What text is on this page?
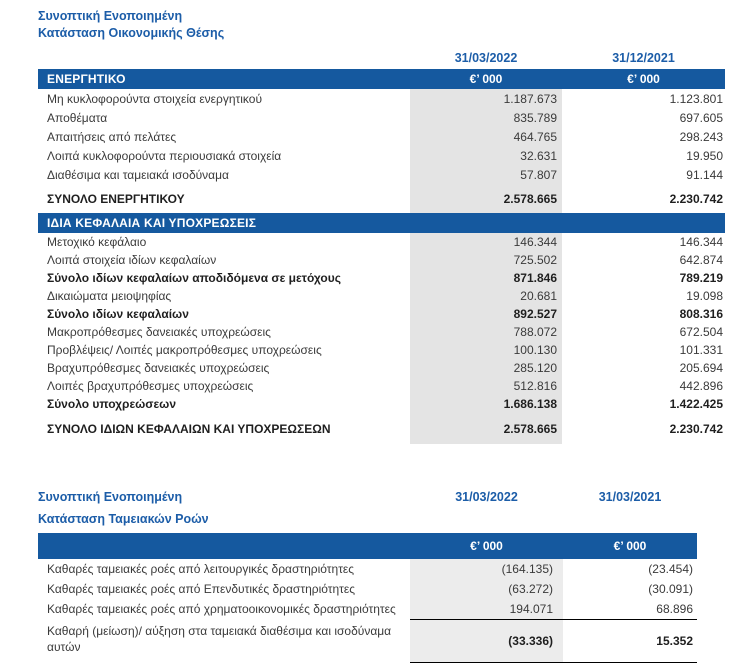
Συνοπτική Ενοποιημένη
Κατάσταση Οικονομικής Θέσης
31/03/2022	31/12/2021
ΕΝΕΡΓΗΤΙΚΟ	€’ 000	€’ 000
Μη κυκλοφορούντα στοιχεία ενεργητικού	1.187.673	1.123.801
Αποθέματα	835.789	697.605
Απαιτήσεις από πελάτες	464.765	298.243
Λοιπά κυκλοφορούντα περιουσιακά στοιχεία	32.631	19.950
Διαθέσιμα και ταμειακά ισοδύναμα	57.807	91.144
ΣΥΝΟΛΟ ΕΝΕΡΓΗΤΙΚΟΥ	2.578.665	2.230.742
ΙΔΙΑ ΚΕΦΑΛΑΙΑ ΚΑΙ ΥΠΟΧΡΕΩΣΕΙΣ
Μετοχικό κεφάλαιο	146.344	146.344
Λοιπά στοιχεία ιδίων κεφαλαίων	725.502	642.874
Σύνολο ιδίων κεφαλαίων αποδιδόμενα σε μετόχους	871.846	789.219
Δικαιώματα μειοψηφίας	20.681	19.098
Σύνολο ιδίων κεφαλαίων	892.527	808.316
Μακροπρόθεσμες δανειακές υποχρεώσεις	788.072	672.504
Προβλέψεις/ Λοιπές μακροπρόθεσμες υποχρεώσεις	100.130	101.331
Βραχυπρόθεσμες δανειακές υποχρεώσεις	285.120	205.694
Λοιπές βραχυπρόθεσμες υποχρεώσεις	512.816	442.896
Σύνολο υποχρεώσεων	1.686.138	1.422.425
ΣΥΝΟΛΟ ΙΔΙΩΝ ΚΕΦΑΛΑΙΩΝ ΚΑΙ ΥΠΟΧΡΕΩΣΕΩΝ	2.578.665	2.230.742
Συνοπτική Ενοποιημένη	31/03/2022	31/03/2021
Κατάσταση Ταμειακών Ροών
€’ 000	€’ 000
Καθαρές ταμειακές ροές από λειτουργικές δραστηριότητες	(164.135)	(23.454)
Καθαρές ταμειακές ροές από Επενδυτικές δραστηριότητες	(63.272)	(30.091)
Καθαρές ταμειακές ροές από χρηματοοικονομικές δραστηριότητες	194.071	68.896
Καθαρή (μείωση)/ αύξηση στα ταμειακά διαθέσιμα και ισοδύναμα αυτών	(33.336)	15.352
